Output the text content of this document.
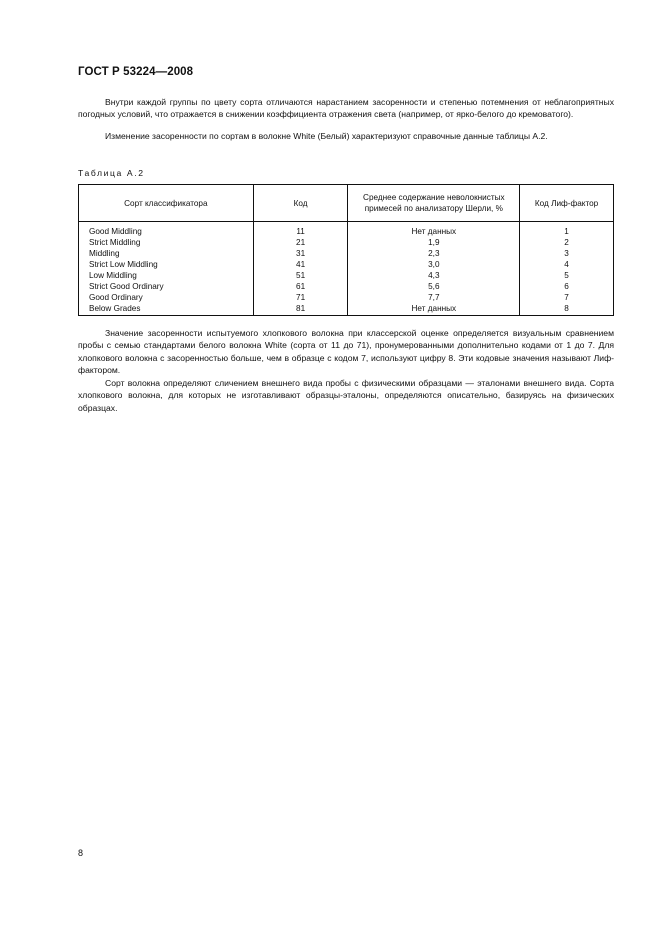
ГОСТ Р 53224—2008

Внутри каждой группы по цвету сорта отличаются нарастанием засоренности и степенью потемнения от неблагоприятных погодных условий, что отражается в снижении коэффициента отражения света (например, от ярко-белого до кремоватого).

Изменение засоренности по сортам в волокне White (Белый) характеризуют справочные данные таблицы А.2.

Таблица А.2
Сорт классификатора	Код	Среднее содержание неволокнистых примесей по анализатору Шерли, %	Код Лиф-фактор
Good Middling	11	Нет данных	1
Strict Middling	21	1,9	2
Middling	31	2,3	3
Strict Low Middling	41	3,0	4
Low Middling	51	4,3	5
Strict Good Ordinary	61	5,6	6
Good Ordinary	71	7,7	7
Below Grades	81	Нет данных	8

Значение засоренности испытуемого хлопкового волокна при классерской оценке определяется визуальным сравнением пробы с семью стандартами белого волокна White (сорта от 11 до 71), пронумерованными дополнительно кодами от 1 до 7. Для хлопкового волокна с засоренностью больше, чем в образце с кодом 7, используют цифру 8. Эти кодовые значения называют Лиф-фактором.

Сорт волокна определяют сличением внешнего вида пробы с физическими образцами — эталонами внешнего вида. Сорта хлопкового волокна, для которых не изготавливают образцы-эталоны, определяются описательно, базируясь на физических образцах.

8
